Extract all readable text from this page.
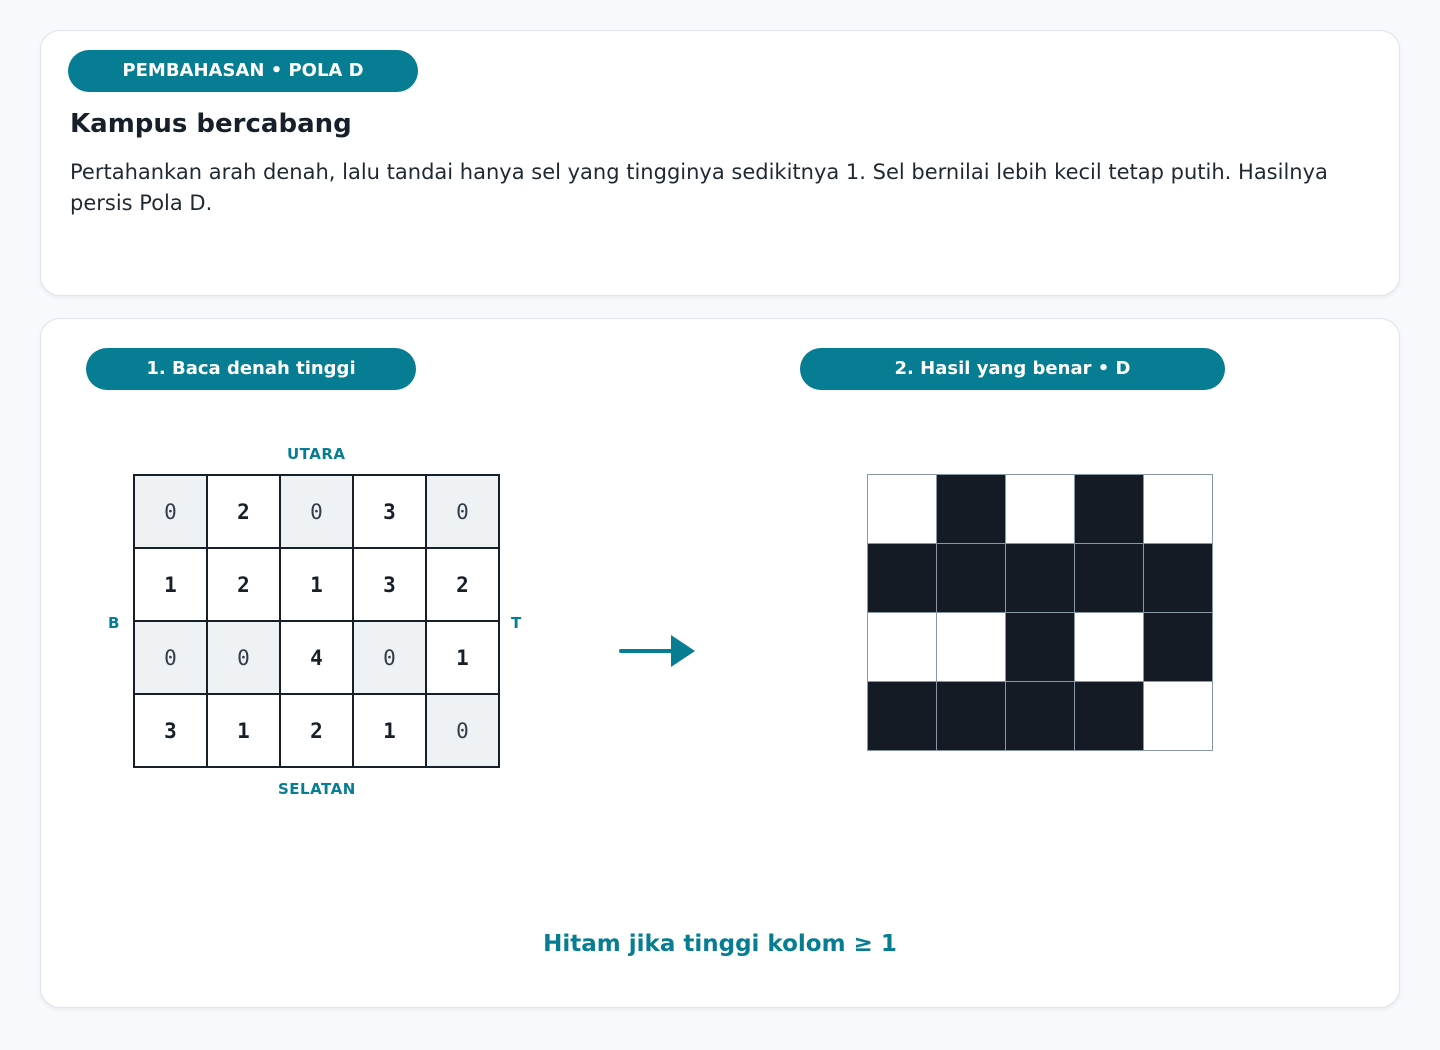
PEMBAHASAN • POLA D
Kampus bercabang

Pertahankan arah denah, lalu tandai hanya sel yang tingginya sedikitnya 1. Sel bernilai lebih kecil tetap putih. Hasilnya persis Pola D.

1. Baca denah tinggi	2. Hasil yang benar • D
UTARA
SELATAN
B	T
0	2	0	3	0
1	2	1	3	2
0	0	4	0	1
3	1	2	1	0
Hitam jika tinggi kolom ≥ 1
